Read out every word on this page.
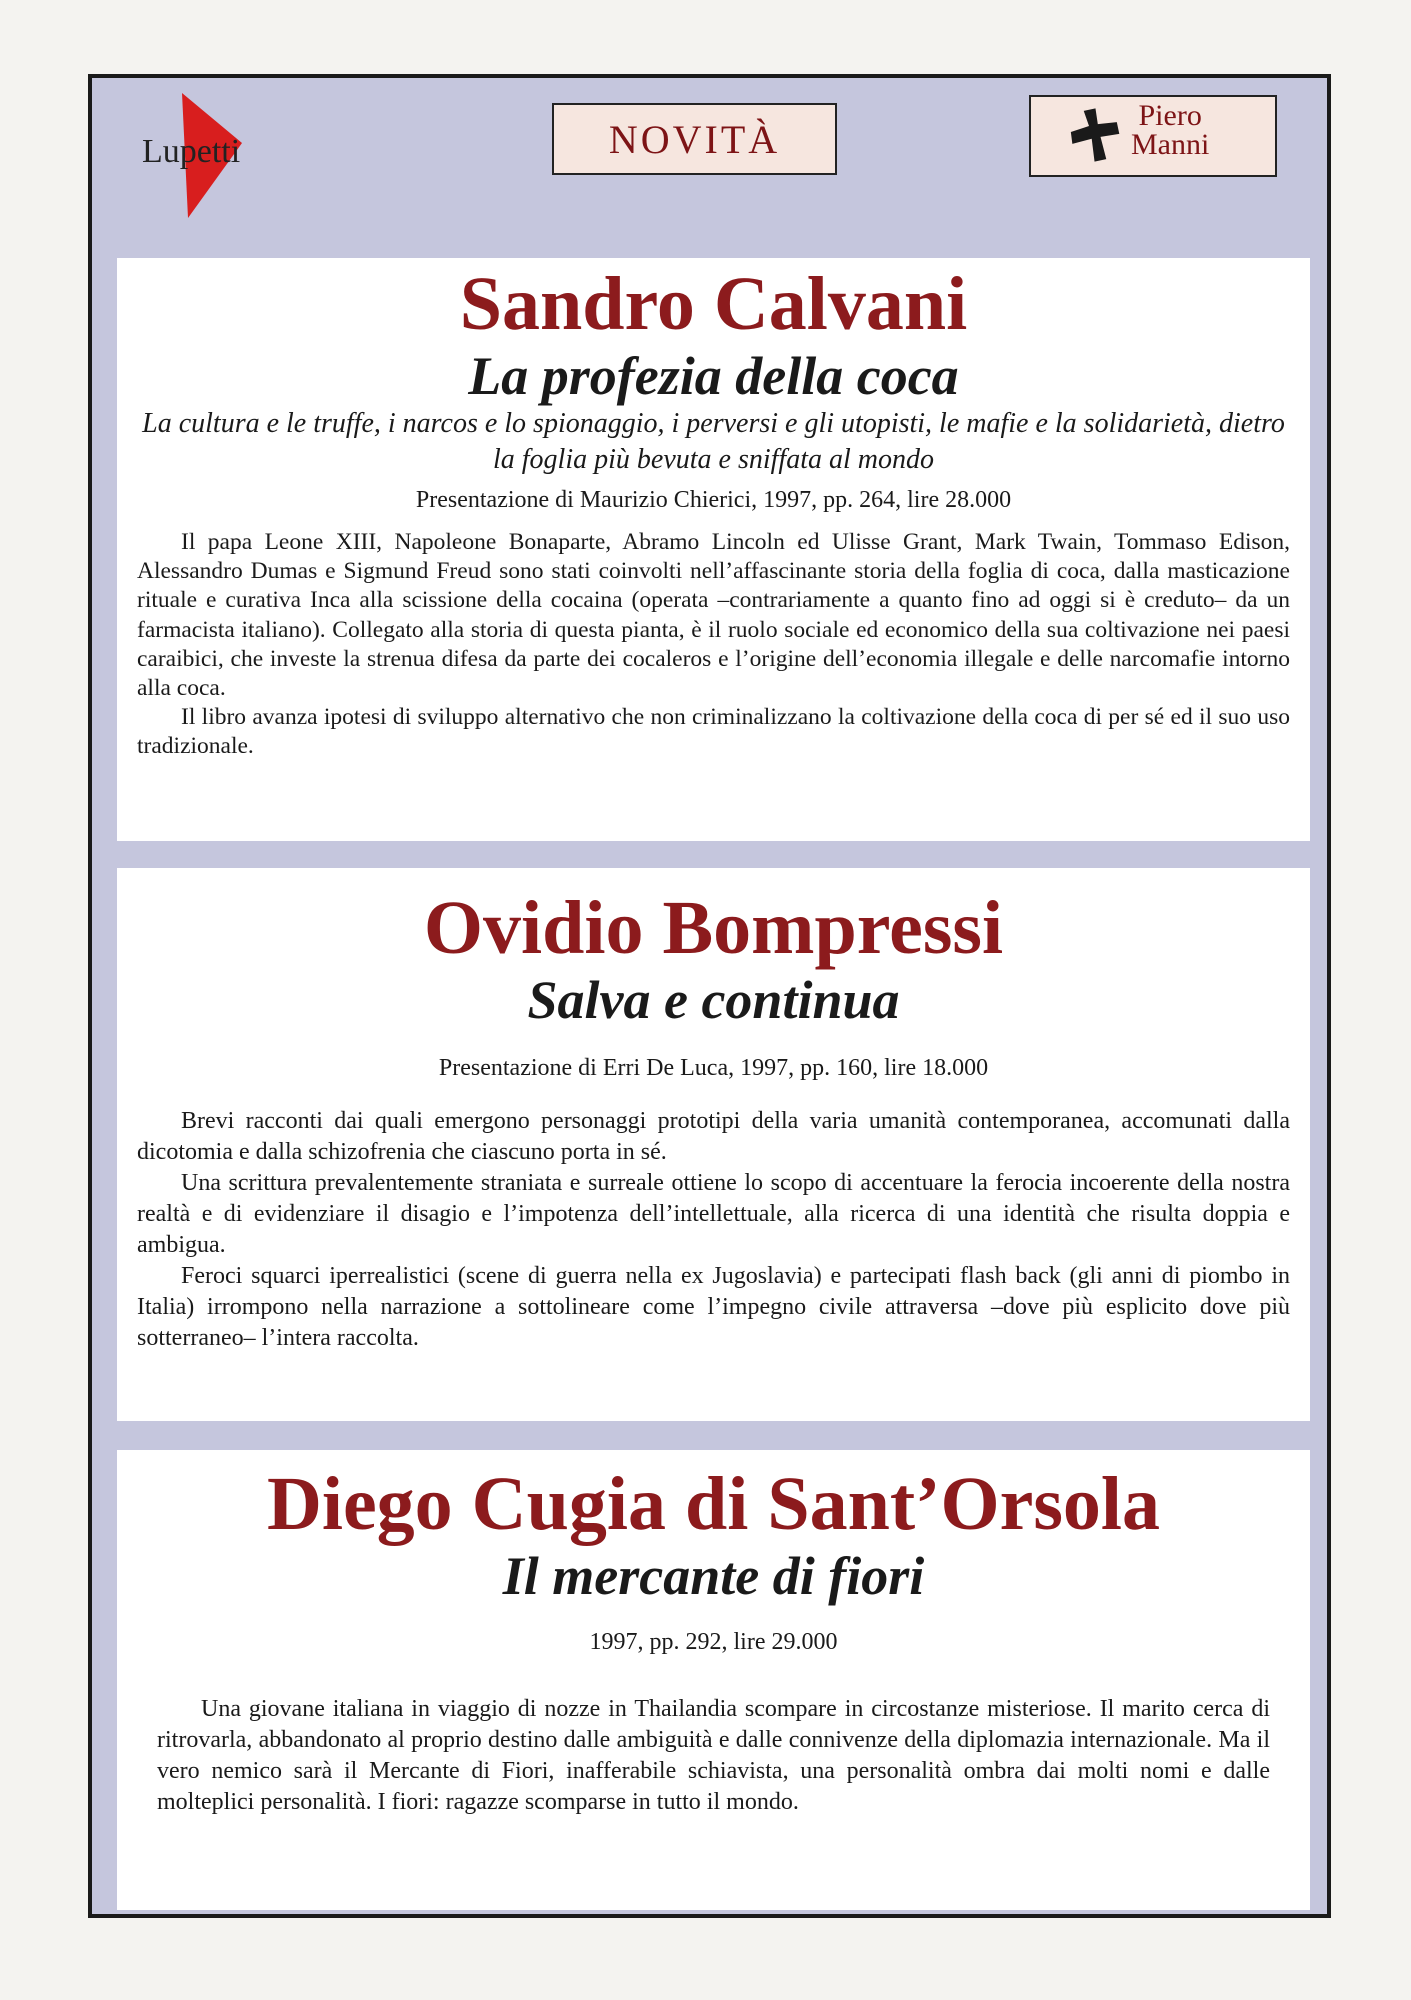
Lupetti	NOVITÀ
Piero
Manni
Sandro Calvani
La profezia della coca
La cultura e le truffe, i narcos e lo spionaggio, i perversi e gli utopisti, le mafie e la solidarietà, dietro la foglia più bevuta e sniffata al mondo
Presentazione di Maurizio Chierici, 1997, pp. 264, lire 28.000

Il papa Leone XIII, Napoleone Bonaparte, Abramo Lincoln ed Ulisse Grant, Mark Twain, Tommaso Edison, Alessandro Dumas e Sigmund Freud sono stati coinvolti nell’affascinante storia della foglia di coca, dalla masticazione rituale e curativa Inca alla scissione della cocaina (operata –contrariamente a quanto fino ad oggi si è creduto– da un farmacista italiano). Collegato alla storia di questa pianta, è il ruolo sociale ed economico della sua coltivazione nei paesi caraibici, che investe la strenua difesa da parte dei cocaleros e l’origine dell’economia illegale e delle narcomafie intorno alla coca.

Il libro avanza ipotesi di sviluppo alternativo che non criminalizzano la coltivazione della coca di per sé ed il suo uso tradizionale.

Ovidio Bompressi
Salva e continua
Presentazione di Erri De Luca, 1997, pp. 160, lire 18.000

Brevi racconti dai quali emergono personaggi prototipi della varia umanità contemporanea, accomunati dalla dicotomia e dalla schizofrenia che ciascuno porta in sé.

Una scrittura prevalentemente straniata e surreale ottiene lo scopo di accentuare la ferocia incoerente della nostra realtà e di evidenziare il disagio e l’impotenza dell’intellettuale, alla ricerca di una identità che risulta doppia e ambigua.

Feroci squarci iperrealistici (scene di guerra nella ex Jugoslavia) e partecipati flash back (gli anni di piombo in Italia) irrompono nella narrazione a sottolineare come l’impegno civile attraversa –dove più esplicito dove più sotterraneo– l’intera raccolta.

Diego Cugia di Sant’Orsola
Il mercante di fiori
1997, pp. 292, lire 29.000

Una giovane italiana in viaggio di nozze in Thailandia scompare in circostanze misteriose. Il marito cerca di ritrovarla, abbandonato al proprio destino dalle ambiguità e dalle connivenze della diplomazia internazionale. Ma il vero nemico sarà il Mercante di Fiori, inafferabile schiavista, una personalità ombra dai molti nomi e dalle molteplici personalità. I fiori: ragazze scomparse in tutto il mondo.
